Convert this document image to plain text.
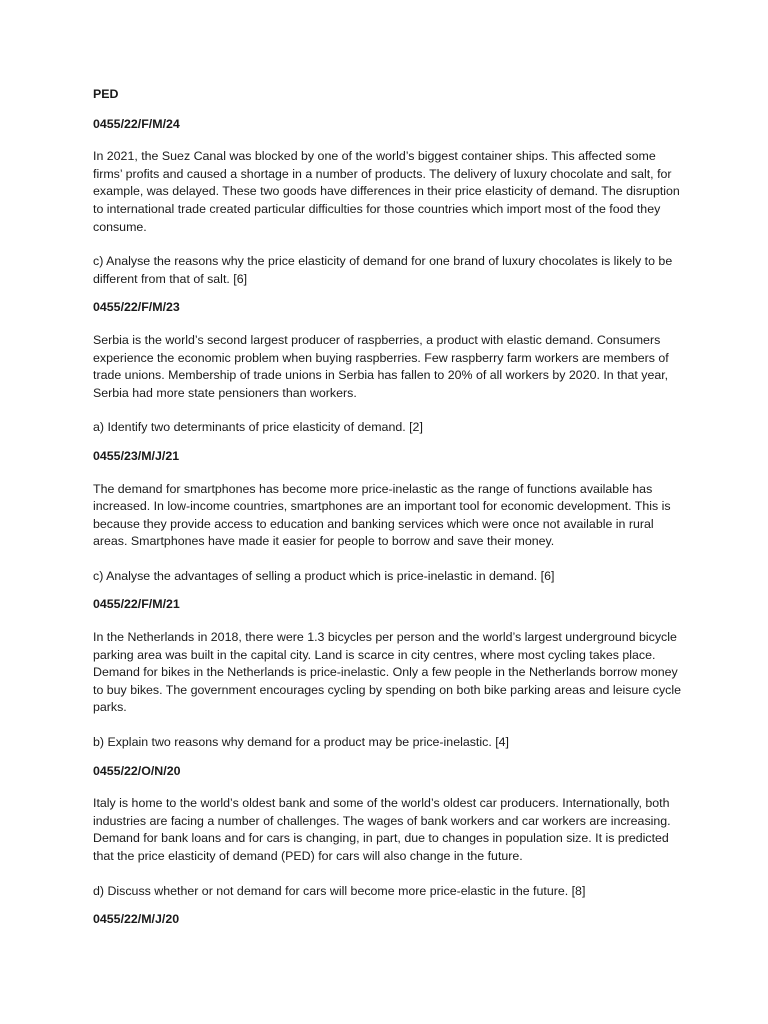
PED

0455/22/F/M/24

In 2021, the Suez Canal was blocked by one of the world’s biggest container ships. This affected some firms’ profits and caused a shortage in a number of products. The delivery of luxury chocolate and salt, for example, was delayed. These two goods have differences in their price elasticity of demand. The disruption to international trade created particular difficulties for those countries which import most of the food they consume.

c) Analyse the reasons why the price elasticity of demand for one brand of luxury chocolates is likely to be different from that of salt. [6]

0455/22/F/M/23

Serbia is the world’s second largest producer of raspberries, a product with elastic demand. Consumers experience the economic problem when buying raspberries. Few raspberry farm workers are members of trade unions. Membership of trade unions in Serbia has fallen to 20% of all workers by 2020. In that year, Serbia had more state pensioners than workers.

a) Identify two determinants of price elasticity of demand. [2]

0455/23/M/J/21

The demand for smartphones has become more price-inelastic as the range of functions available has increased. In low-income countries, smartphones are an important tool for economic development. This is because they provide access to education and banking services which were once not available in rural areas. Smartphones have made it easier for people to borrow and save their money.

c) Analyse the advantages of selling a product which is price-inelastic in demand. [6]

0455/22/F/M/21

In the Netherlands in 2018, there were 1.3 bicycles per person and the world’s largest underground bicycle parking area was built in the capital city. Land is scarce in city centres, where most cycling takes place. Demand for bikes in the Netherlands is price-inelastic. Only a few people in the Netherlands borrow money to buy bikes. The government encourages cycling by spending on both bike parking areas and leisure cycle parks.

b) Explain two reasons why demand for a product may be price-inelastic. [4]

0455/22/O/N/20

Italy is home to the world’s oldest bank and some of the world’s oldest car producers. Internationally, both industries are facing a number of challenges. The wages of bank workers and car workers are increasing. Demand for bank loans and for cars is changing, in part, due to changes in population size. It is predicted that the price elasticity of demand (PED) for cars will also change in the future.

d) Discuss whether or not demand for cars will become more price-elastic in the future. [8]

0455/22/M/J/20
